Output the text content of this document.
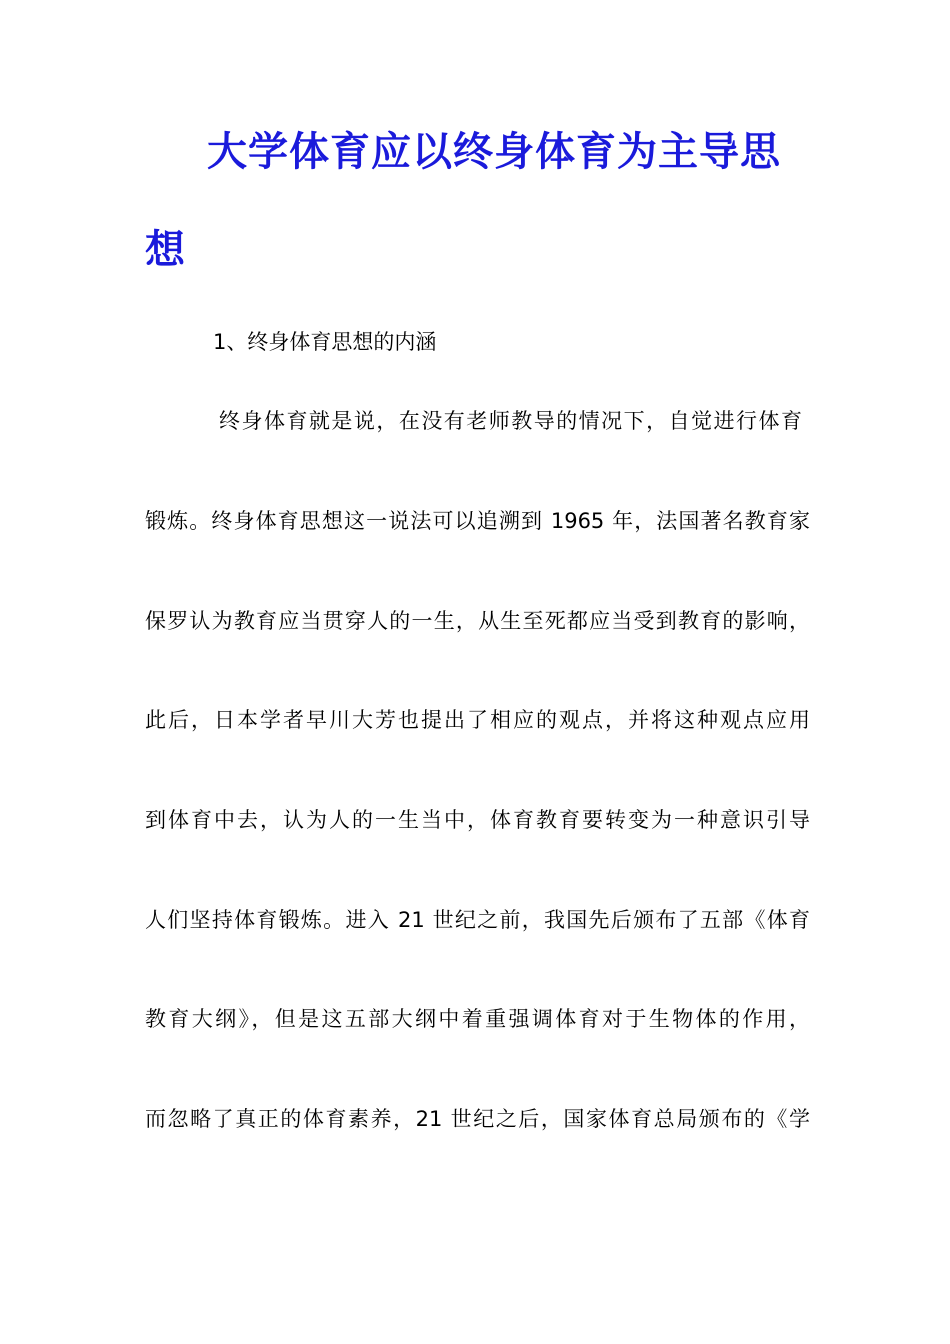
大学体育应以终身体育为主导思
想
1、终身体育思想的内涵
终身体育就是说，在没有老师教导的情况下，自觉进行体育
锻炼。终身体育思想这一说法可以追溯到 1965 年，法国著名教育家
保罗认为教育应当贯穿人的一生，从生至死都应当受到教育的影响，
此后，日本学者早川大芳也提出了相应的观点，并将这种观点应用
到体育中去，认为人的一生当中，体育教育要转变为一种意识引导
人们坚持体育锻炼。进入 21 世纪之前，我国先后颁布了五部《体育
教育大纲》，但是这五部大纲中着重强调体育对于生物体的作用，
而忽略了真正的体育素养，21 世纪之后，国家体育总局颁布的《学
